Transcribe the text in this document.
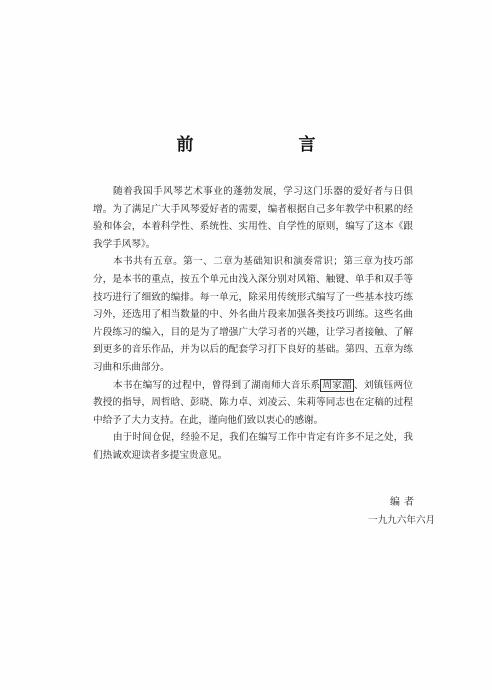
前　言

随着我国手风琴艺术事业的蓬勃发展，学习这门乐器的爱好者与日俱增。为了满足广大手风琴爱好者的需要，编者根据自己多年教学中积累的经验和体会，本着科学性、系统性、实用性、自学性的原则，编写了这本《跟我学手风琴》。

本书共有五章。第一、二章为基础知识和演奏常识；第三章为技巧部分，是本书的重点，按五个单元由浅入深分别对风箱、触键、单手和双手等技巧进行了细致的编排。每一单元，除采用传统形式编写了一些基本技巧练习外，还选用了相当数量的中、外名曲片段来加强各类技巧训练。这些名曲片段练习的编入，目的是为了增强广大学习者的兴趣，让学习者接触、了解到更多的音乐作品，并为以后的配套学习打下良好的基础。第四、五章为练习曲和乐曲部分。

本书在编写的过程中，曾得到了湖南师大音乐系 周家湄 、刘镇钰两位教授的指导，周哲晗、彭晓、陈力卓、刘凌云、朱莉等同志也在定稿的过程中给予了大力支持。在此，谨向他们致以衷心的感谢。

由于时间仓促，经验不足，我们在编写工作中肯定有许多不足之处，我们热诚欢迎读者多提宝贵意见。

编者
一九九六年六月
